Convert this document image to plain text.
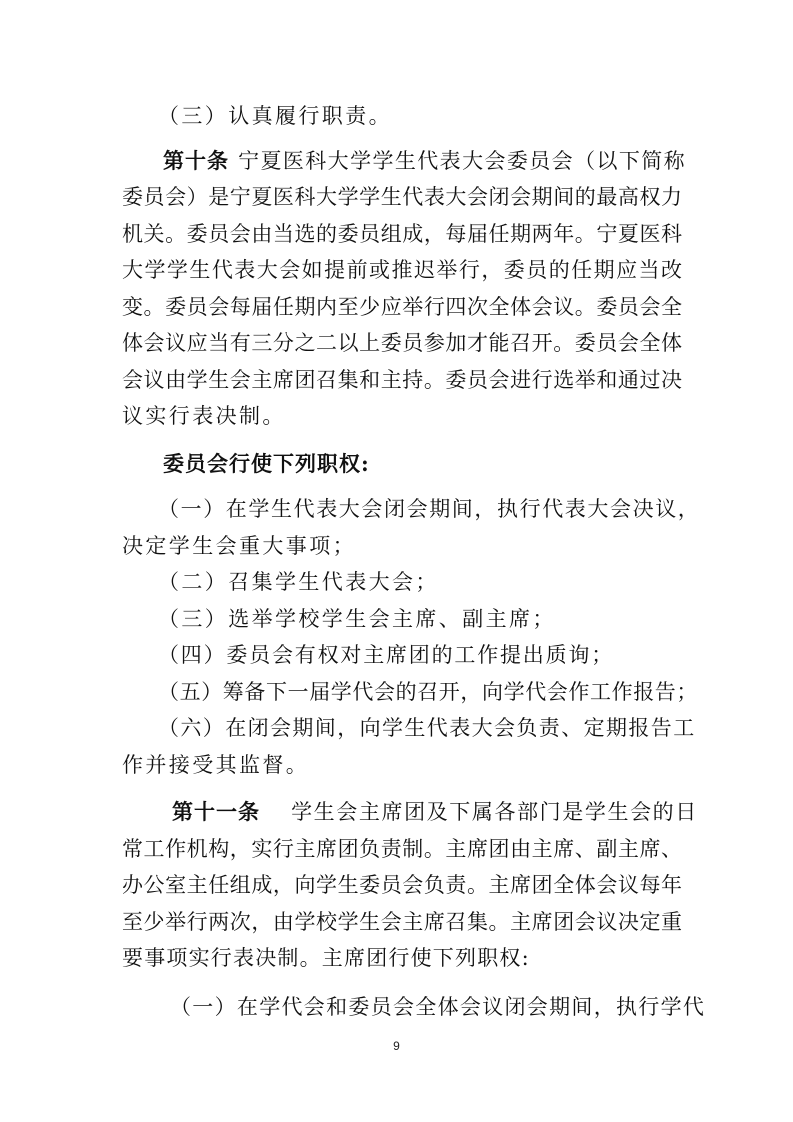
（三）认真履行职责。
第十条 宁夏医科大学学生代表大会委员会（以下简称
委员会）是宁夏医科大学学生代表大会闭会期间的最高权力
机关。委员会由当选的委员组成，每届任期两年。宁夏医科
大学学生代表大会如提前或推迟举行，委员的任期应当改
变。委员会每届任期内至少应举行四次全体会议。委员会全
体会议应当有三分之二以上委员参加才能召开。委员会全体
会议由学生会主席团召集和主持。委员会进行选举和通过决
议实行表决制。
委员会行使下列职权:
（一）在学生代表大会闭会期间，执行代表大会决议，
决定学生会重大事项；
（二）召集学生代表大会；
（三）选举学校学生会主席、副主席；
（四）委员会有权对主席团的工作提出质询；
（五）筹备下一届学代会的召开，向学代会作工作报告；
（六）在闭会期间，向学生代表大会负责、定期报告工
作并接受其监督。
第十一条 学生会主席团及下属各部门是学生会的日
常工作机构，实行主席团负责制。主席团由主席、副主席、
办公室主任组成，向学生委员会负责。主席团全体会议每年
至少举行两次，由学校学生会主席召集。主席团会议决定重
要事项实行表决制。主席团行使下列职权:
（一）在学代会和委员会全体会议闭会期间，执行学代
9
